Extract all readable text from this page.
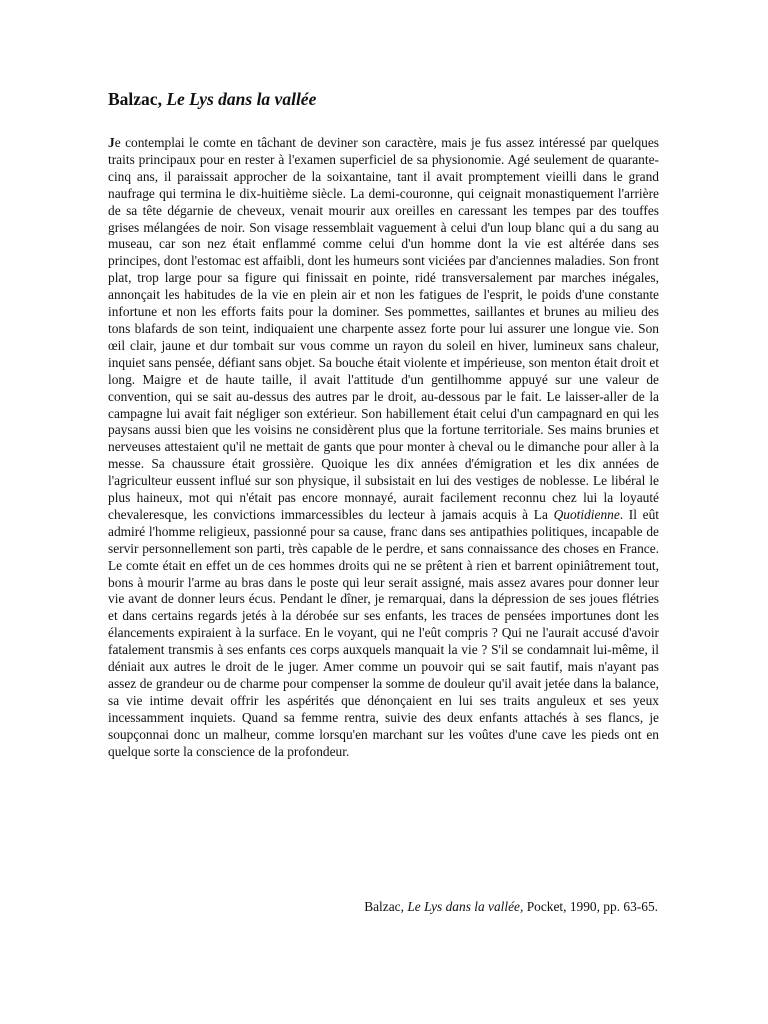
Balzac, Le Lys dans la vallée

Je contemplai le comte en tâchant de deviner son caractère, mais je fus assez intéressé par quelques traits principaux pour en rester à l'examen superficiel de sa physionomie. Agé seulement de quarante-cinq ans, il paraissait approcher de la soixantaine, tant il avait promptement vieilli dans le grand naufrage qui termina le dix-huitième siècle. La demi-couronne, qui ceignait monastiquement l'arrière de sa tête dégarnie de cheveux, venait mourir aux oreilles en caressant les tempes par des touffes grises mélangées de noir. Son visage ressemblait vaguement à celui d'un loup blanc qui a du sang au museau, car son nez était enflammé comme celui d'un homme dont la vie est altérée dans ses principes, dont l'estomac est affaibli, dont les humeurs sont viciées par d'anciennes maladies. Son front plat, trop large pour sa figure qui finissait en pointe, ridé transversalement par marches inégales, annonçait les habitudes de la vie en plein air et non les fatigues de l'esprit, le poids d'une constante infortune et non les efforts faits pour la dominer. Ses pommettes, saillantes et brunes au milieu des tons blafards de son teint, indiquaient une charpente assez forte pour lui assurer une longue vie. Son œil clair, jaune et dur tombait sur vous comme un rayon du soleil en hiver, lumineux sans chaleur, inquiet sans pensée, défiant sans objet. Sa bouche était violente et impérieuse, son menton était droit et long. Maigre et de haute taille, il avait l'attitude d'un gentilhomme appuyé sur une valeur de convention, qui se sait au-dessus des autres par le droit, au-dessous par le fait. Le laisser-aller de la campagne lui avait fait négliger son extérieur. Son habillement était celui d'un campagnard en qui les paysans aussi bien que les voisins ne considèrent plus que la fortune territoriale. Ses mains brunies et nerveuses attestaient qu'il ne mettait de gants que pour monter à cheval ou le dimanche pour aller à la messe. Sa chaussure était grossière. Quoique les dix années d'émigration et les dix années de l'agriculteur eussent influé sur son physique, il subsistait en lui des vestiges de noblesse. Le libéral le plus haineux, mot qui n'était pas encore monnayé, aurait facilement reconnu chez lui la loyauté chevaleresque, les convictions immarcessibles du lecteur à jamais acquis à La Quotidienne. Il eût admiré l'homme religieux, passionné pour sa cause, franc dans ses antipathies politiques, incapable de servir personnellement son parti, très capable de le perdre, et sans connaissance des choses en France. Le comte était en effet un de ces hommes droits qui ne se prêtent à rien et barrent opiniâtrement tout, bons à mourir l'arme au bras dans le poste qui leur serait assigné, mais assez avares pour donner leur vie avant de donner leurs écus. Pendant le dîner, je remarquai, dans la dépression de ses joues flétries et dans certains regards jetés à la dérobée sur ses enfants, les traces de pensées importunes dont les élancements expiraient à la surface. En le voyant, qui ne l'eût compris ? Qui ne l'aurait accusé d'avoir fatalement transmis à ses enfants ces corps auxquels manquait la vie ? S'il se condamnait lui-même, il déniait aux autres le droit de le juger. Amer comme un pouvoir qui se sait fautif, mais n'ayant pas assez de grandeur ou de charme pour compenser la somme de douleur qu'il avait jetée dans la balance, sa vie intime devait offrir les aspérités que dénonçaient en lui ses traits anguleux et ses yeux incessamment inquiets. Quand sa femme rentra, suivie des deux enfants attachés à ses flancs, je soupçonnai donc un malheur, comme lorsqu'en marchant sur les voûtes d'une cave les pieds ont en quelque sorte la conscience de la profondeur.

Balzac, Le Lys dans la vallée, Pocket, 1990, pp. 63-65.
